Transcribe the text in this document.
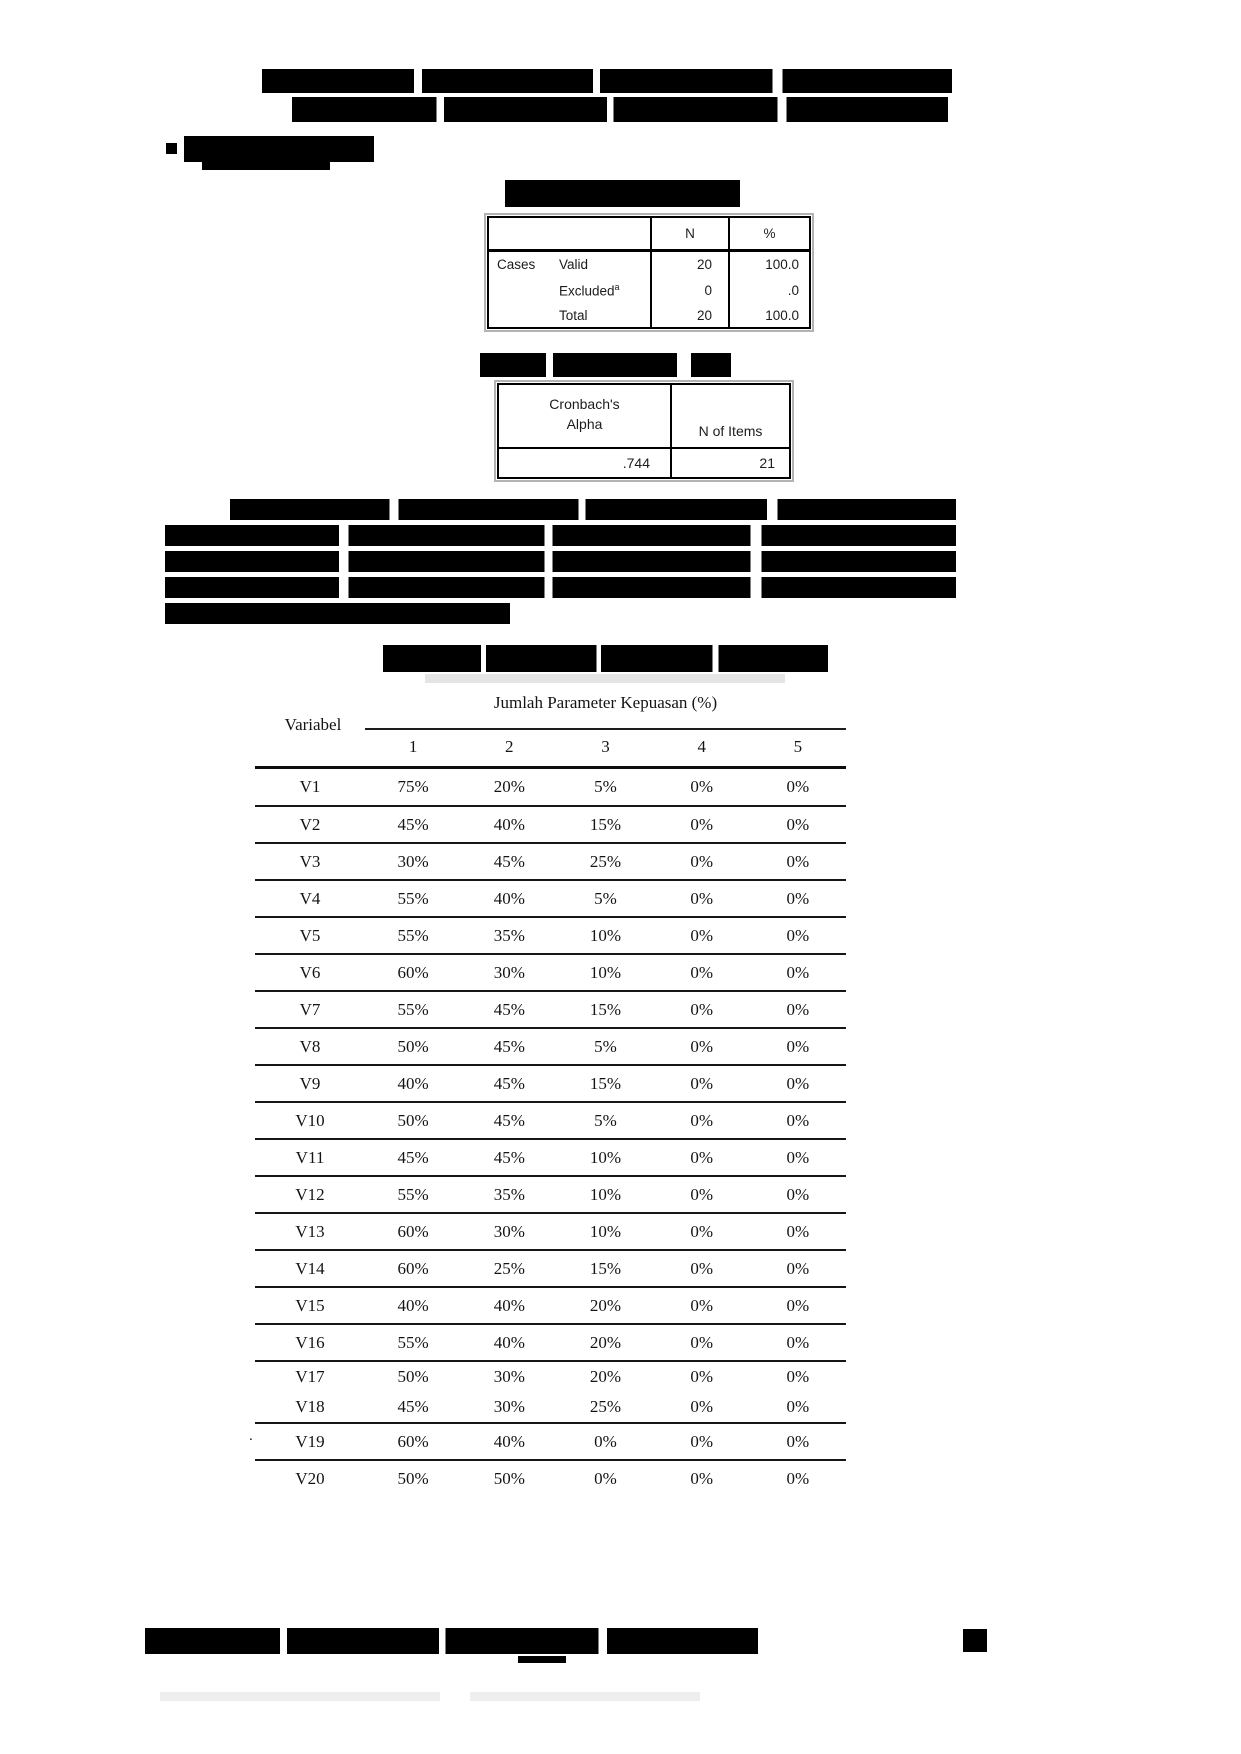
	N	%
Cases Valid	20	100.0
Excluded$^a$	0	.0
Total	20	100.0
Cronbach's Alpha	N of Items
.744	21
Variabel
Jumlah Parameter Kepuasan (%)
1	2	3	4	5
V1	75%	20%	5%	0%	0%
V2	45%	40%	15%	0%	0%
V3	30%	45%	25%	0%	0%
V4	55%	40%	5%	0%	0%
V5	55%	35%	10%	0%	0%
V6	60%	30%	10%	0%	0%
V7	55%	45%	15%	0%	0%
V8	50%	45%	5%	0%	0%
V9	40%	45%	15%	0%	0%
V10	50%	45%	5%	0%	0%
V11	45%	45%	10%	0%	0%
V12	55%	35%	10%	0%	0%
V13	60%	30%	10%	0%	0%
V14	60%	25%	15%	0%	0%
V15	40%	40%	20%	0%	0%
V16	55%	40%	20%	0%	0%
V17	50%	30%	20%	0%	0%
V18	45%	30%	25%	0%	0%
V19	60%	40%	0%	0%	0%
V20	50%	50%	0%	0%	0%
.
